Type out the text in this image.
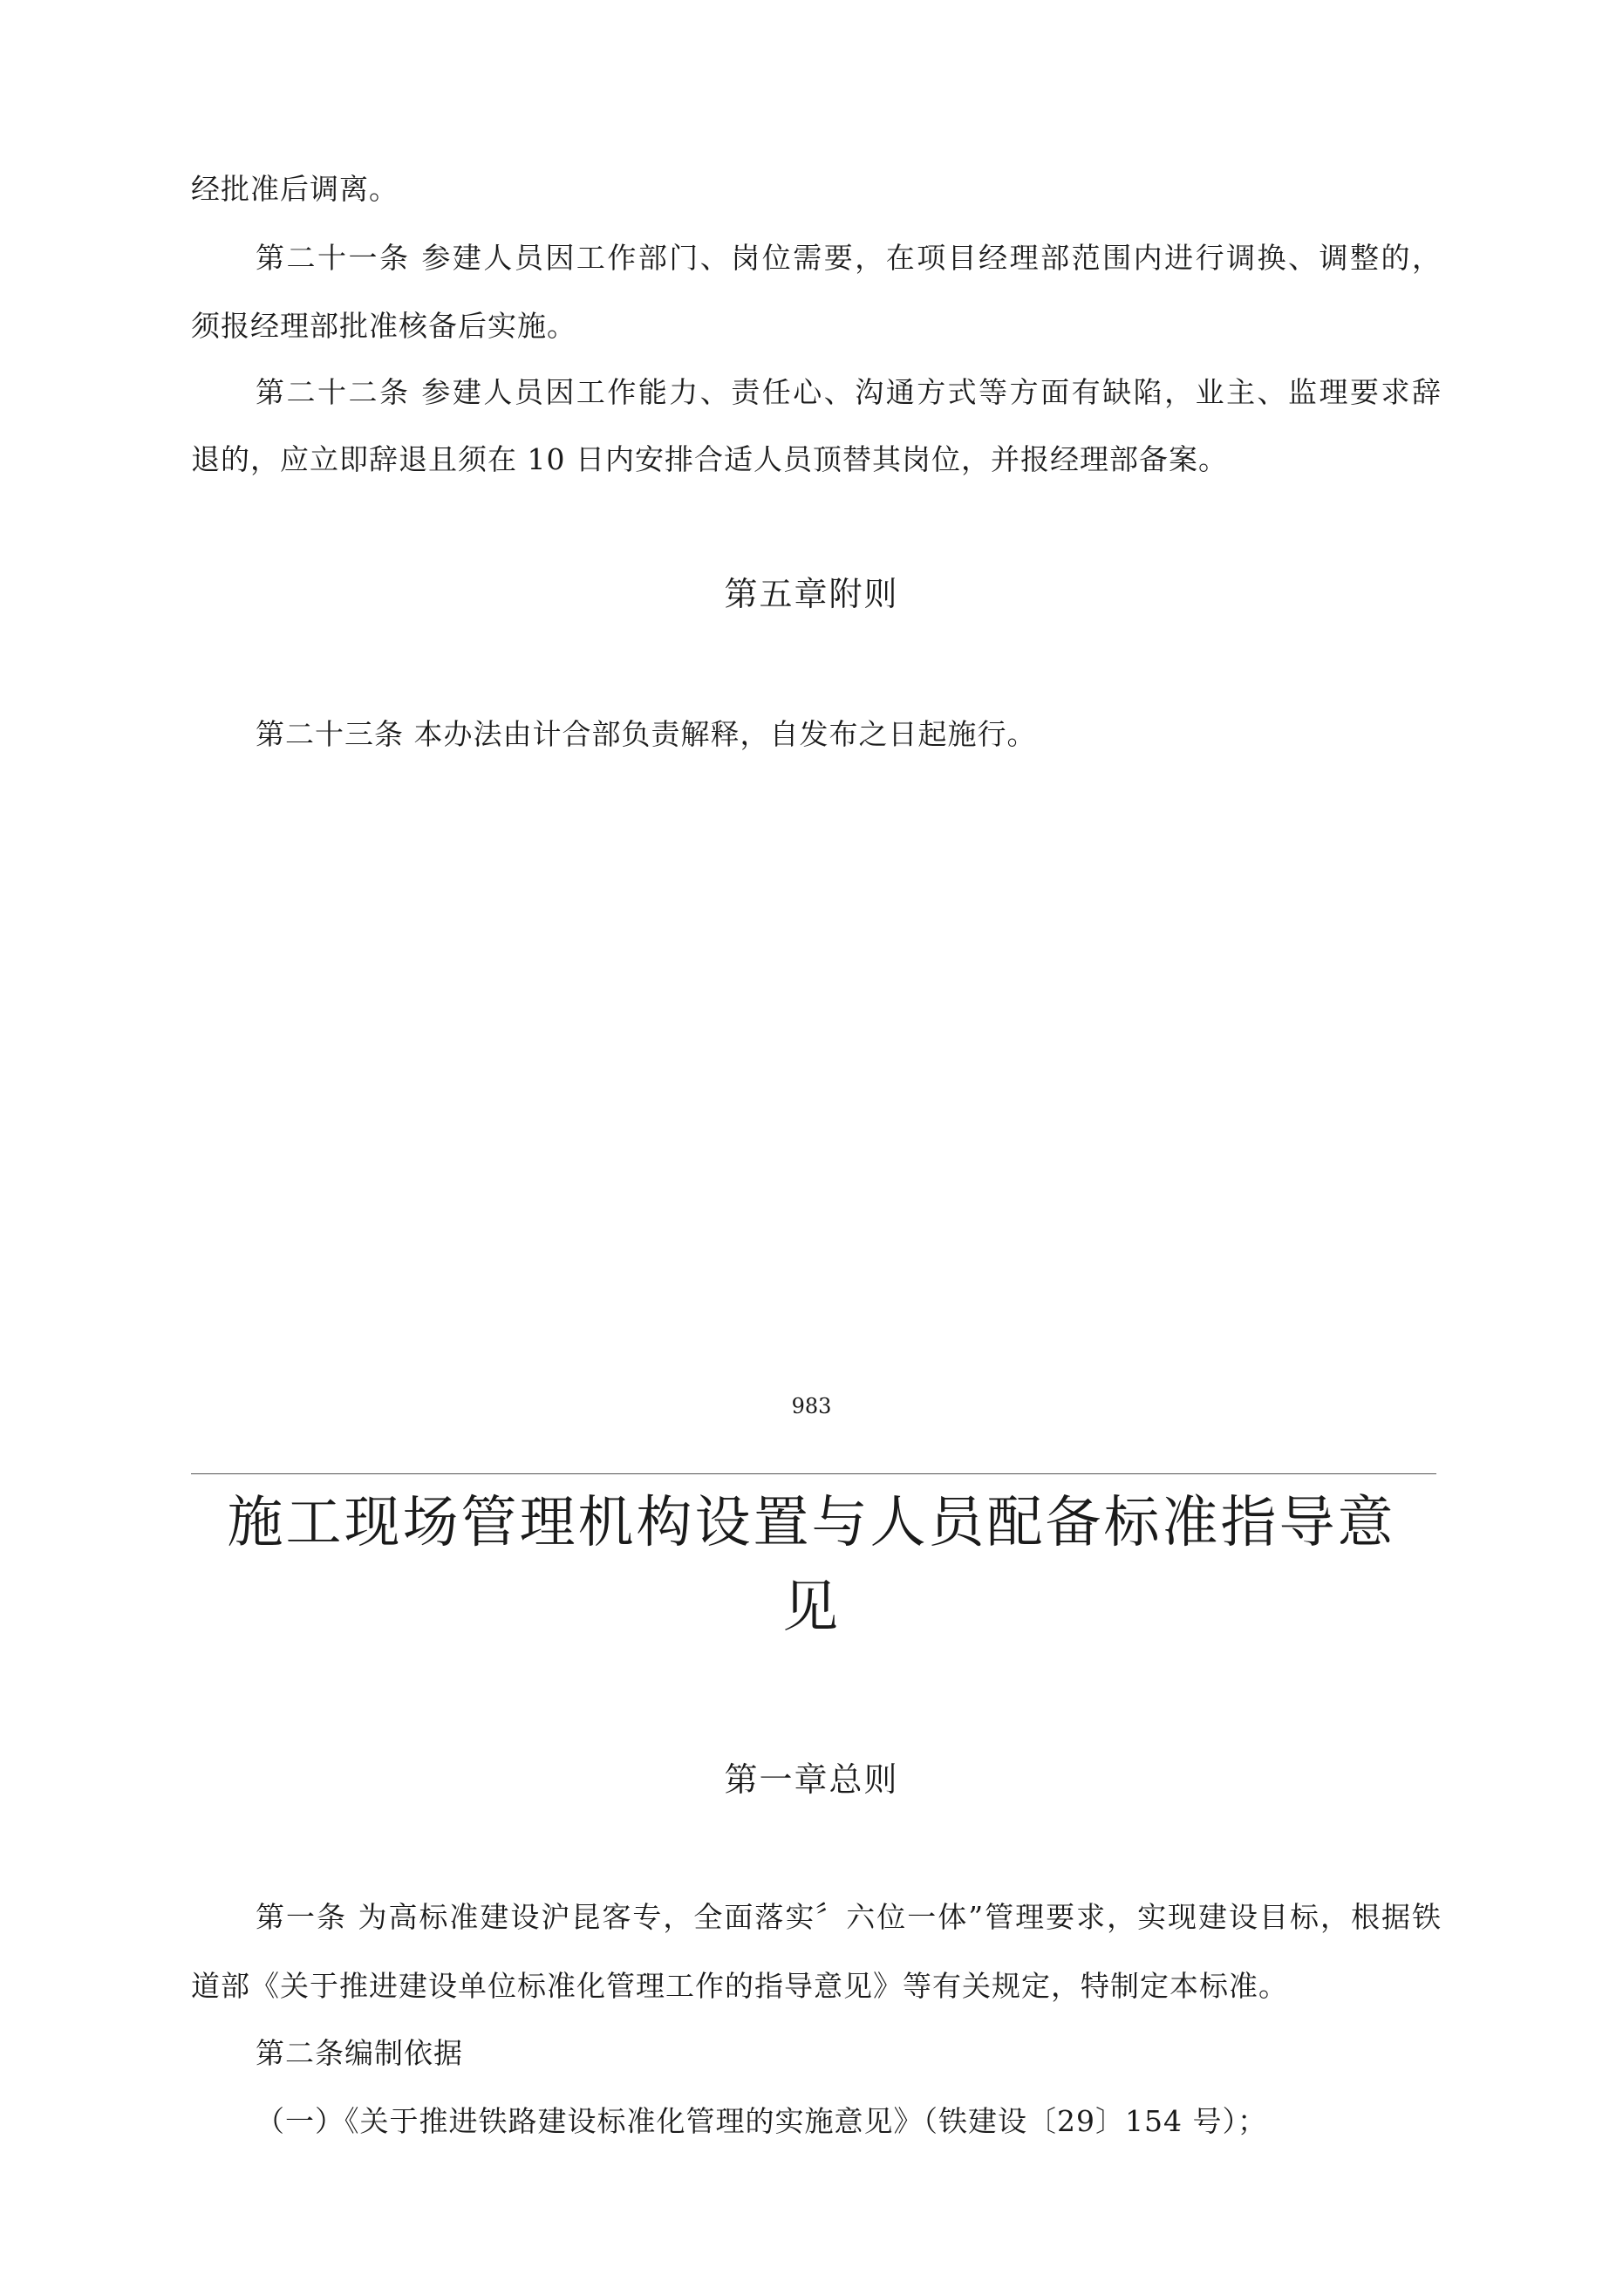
经批准后调离。
第二十一条 参建人员因工作部门、岗位需要，在项目经理部范围内进行调换、调整的，
须报经理部批准核备后实施。
第二十二条 参建人员因工作能力、责任心、沟通方式等方面有缺陷，业主、监理要求辞
退的，应立即辞退且须在 10 日内安排合适人员顶替其岗位，并报经理部备案。
第五章附则
第二十三条 本办法由计合部负责解释，自发布之日起施行。
983
施工现场管理机构设置与人员配备标准指导意
见
第一章总则
第一条 为高标准建设沪昆客专，全面落实〞六位一体”管理要求，实现建设目标，根据铁
道部《关于推进建设单位标准化管理工作的指导意见》等有关规定，特制定本标准。
第二条编制依据
（一）《关于推进铁路建设标准化管理的实施意见》（铁建设〔29〕154 号）；
